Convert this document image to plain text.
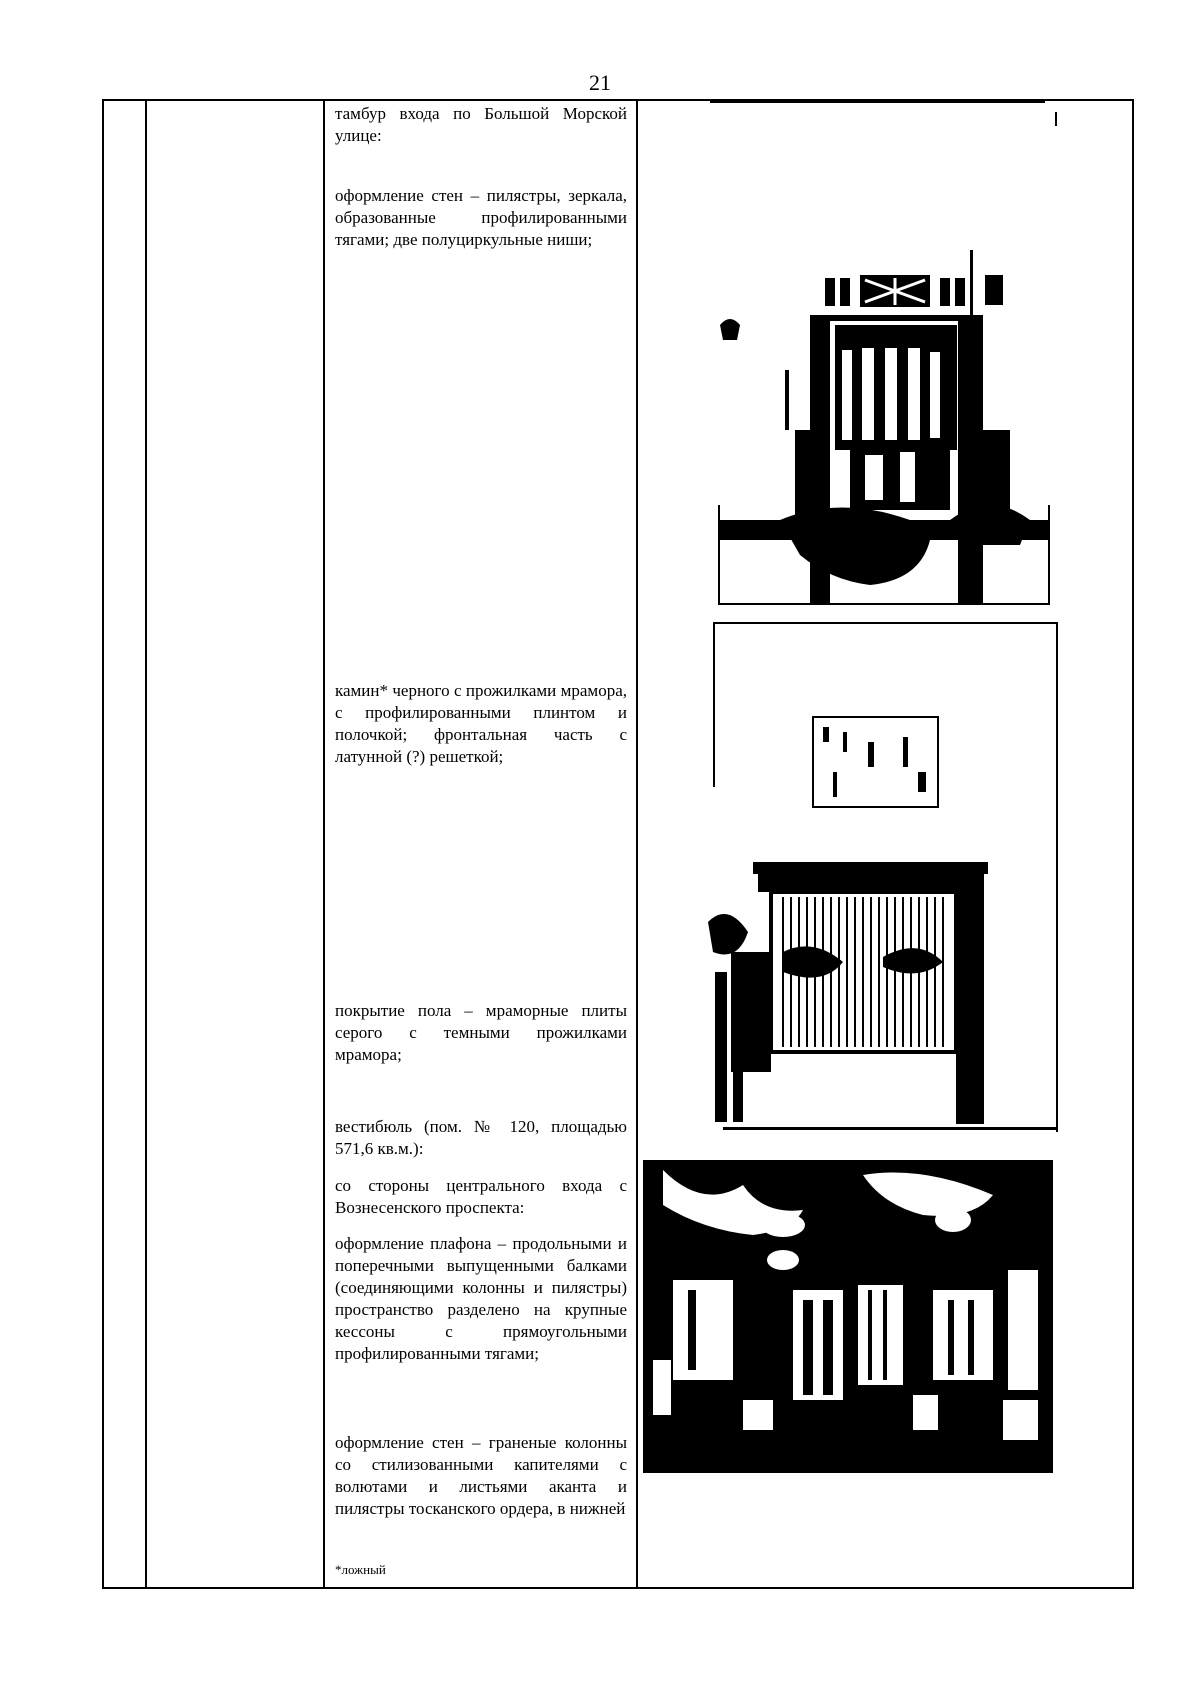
21
тамбур входа по Большой Морской улице:
оформление стен – пилястры, зеркала, образованные профилированными тягами; две полуциркульные ниши;
камин* черного с прожилками мрамора, с профилированными плинтом и полочкой; фронтальная часть с латунной (?) решеткой;
покрытие пола – мраморные плиты серого с темными прожилками мрамора;
вестибюль (пом. № 120, площадью 571,6 кв.м.):
со стороны центрального входа с Вознесенского проспекта:
оформление плафона – продольными и поперечными выпущенными балками (соединяющими колонны и пилястры) пространство разделено на крупные кессоны с прямоугольными профилированными тягами;
оформление стен – граненые колонны со стилизованными капителями с волютами и листьями аканта и пилястры тосканского ордера, в нижней
*ложный
